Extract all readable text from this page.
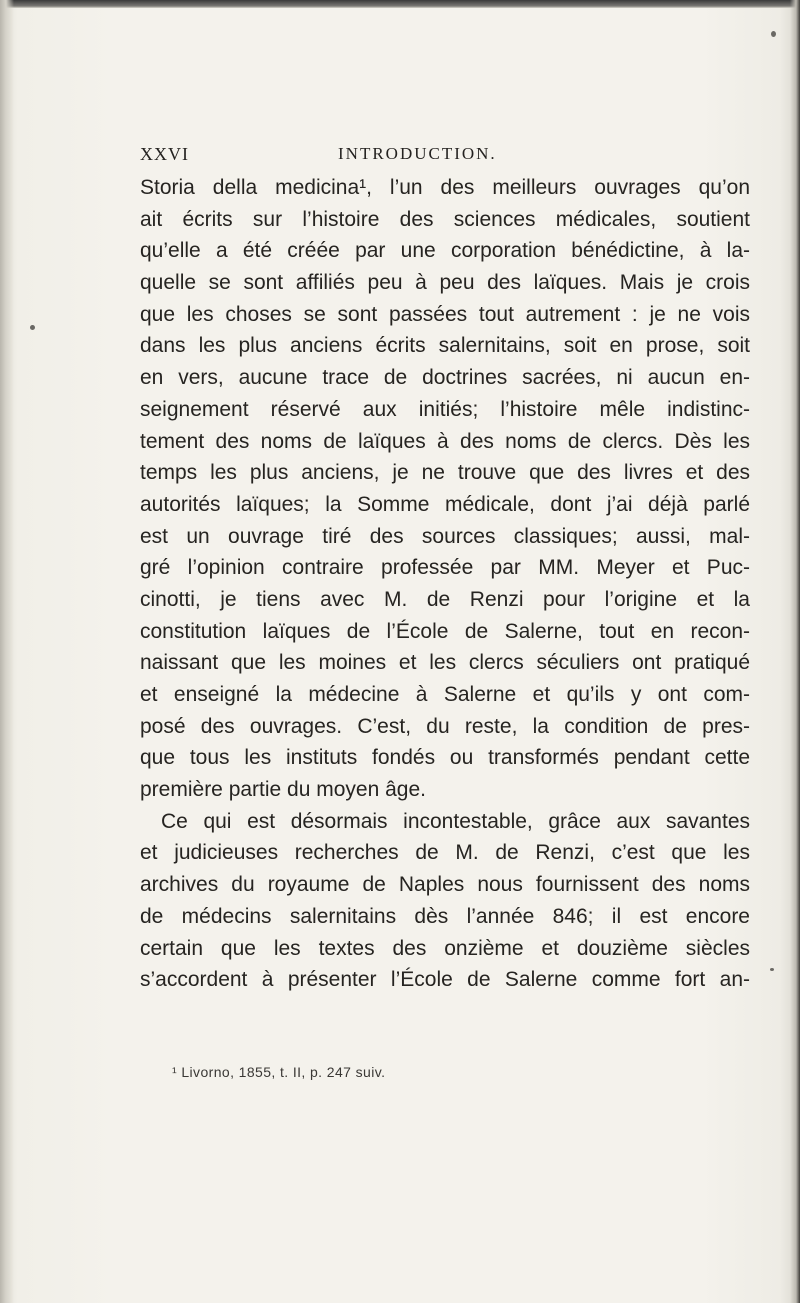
XXVI	INTRODUCTION.
Storia della medicina¹, l’un des meilleurs ouvrages qu’on
ait écrits sur l’histoire des sciences médicales, soutient
qu’elle a été créée par une corporation bénédictine, à la-
quelle se sont affiliés peu à peu des laïques. Mais je crois
que les choses se sont passées tout autrement : je ne vois
dans les plus anciens écrits salernitains, soit en prose, soit
en vers, aucune trace de doctrines sacrées, ni aucun en-
seignement réservé aux initiés; l’histoire mêle indistinc-
tement des noms de laïques à des noms de clercs. Dès les
temps les plus anciens, je ne trouve que des livres et des
autorités laïques; la Somme médicale, dont j’ai déjà parlé
est un ouvrage tiré des sources classiques; aussi, mal-
gré l’opinion contraire professée par MM. Meyer et Puc-
cinotti, je tiens avec M. de Renzi pour l’origine et la
constitution laïques de l’École de Salerne, tout en recon-
naissant que les moines et les clercs séculiers ont pratiqué
et enseigné la médecine à Salerne et qu’ils y ont com-
posé des ouvrages. C’est, du reste, la condition de pres-
que tous les instituts fondés ou transformés pendant cette
première partie du moyen âge.
Ce qui est désormais incontestable, grâce aux savantes
et judicieuses recherches de M. de Renzi, c’est que les
archives du royaume de Naples nous fournissent des noms
de médecins salernitains dès l’année 846; il est encore
certain que les textes des onzième et douzième siècles
s’accordent à présenter l’École de Salerne comme fort an-
¹ Livorno, 1855, t. II, p. 247 suiv.
